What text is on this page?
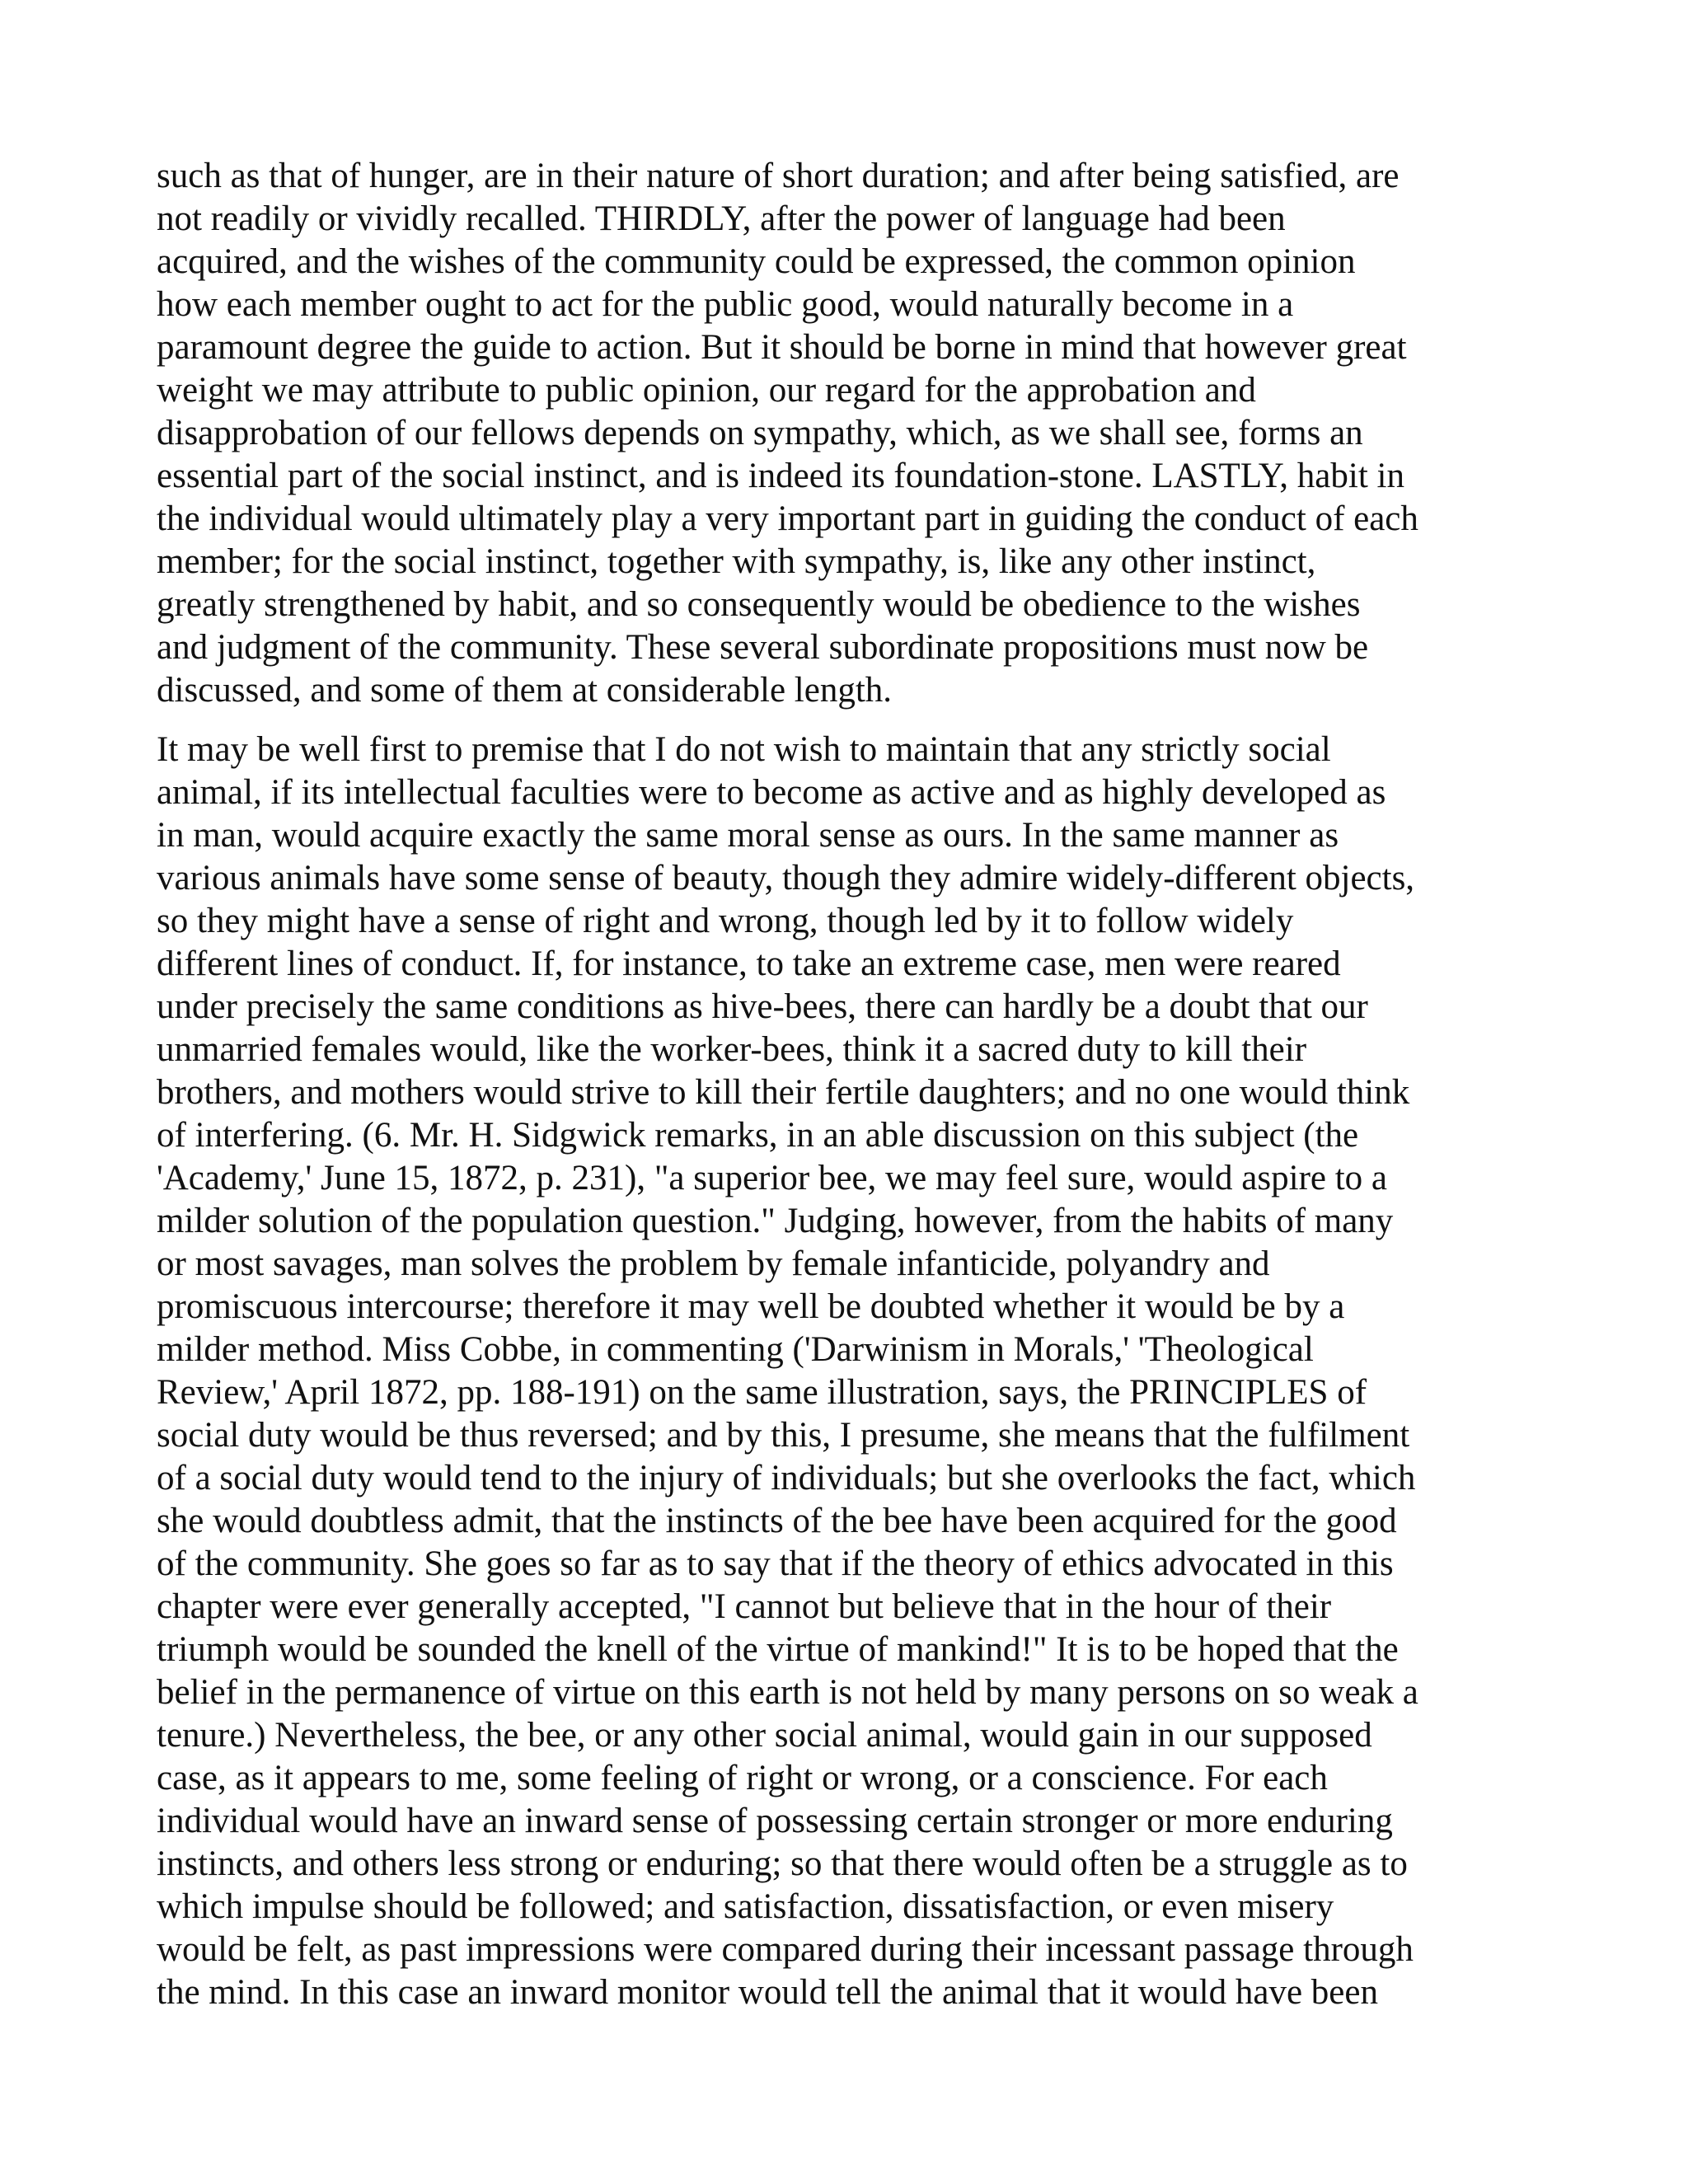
such as that of hunger, are in their nature of short duration; and after being satisfied, are
not readily or vividly recalled. THIRDLY, after the power of language had been
acquired, and the wishes of the community could be expressed, the common opinion
how each member ought to act for the public good, would naturally become in a
paramount degree the guide to action. But it should be borne in mind that however great
weight we may attribute to public opinion, our regard for the approbation and
disapprobation of our fellows depends on sympathy, which, as we shall see, forms an
essential part of the social instinct, and is indeed its foundation-stone. LASTLY, habit in
the individual would ultimately play a very important part in guiding the conduct of each
member; for the social instinct, together with sympathy, is, like any other instinct,
greatly strengthened by habit, and so consequently would be obedience to the wishes
and judgment of the community. These several subordinate propositions must now be
discussed, and some of them at considerable length.
It may be well first to premise that I do not wish to maintain that any strictly social
animal, if its intellectual faculties were to become as active and as highly developed as
in man, would acquire exactly the same moral sense as ours. In the same manner as
various animals have some sense of beauty, though they admire widely-different objects,
so they might have a sense of right and wrong, though led by it to follow widely
different lines of conduct. If, for instance, to take an extreme case, men were reared
under precisely the same conditions as hive-bees, there can hardly be a doubt that our
unmarried females would, like the worker-bees, think it a sacred duty to kill their
brothers, and mothers would strive to kill their fertile daughters; and no one would think
of interfering. (6. Mr. H. Sidgwick remarks, in an able discussion on this subject (the
'Academy,' June 15, 1872, p. 231), "a superior bee, we may feel sure, would aspire to a
milder solution of the population question." Judging, however, from the habits of many
or most savages, man solves the problem by female infanticide, polyandry and
promiscuous intercourse; therefore it may well be doubted whether it would be by a
milder method. Miss Cobbe, in commenting ('Darwinism in Morals,' 'Theological
Review,' April 1872, pp. 188-191) on the same illustration, says, the PRINCIPLES of
social duty would be thus reversed; and by this, I presume, she means that the fulfilment
of a social duty would tend to the injury of individuals; but she overlooks the fact, which
she would doubtless admit, that the instincts of the bee have been acquired for the good
of the community. She goes so far as to say that if the theory of ethics advocated in this
chapter were ever generally accepted, "I cannot but believe that in the hour of their
triumph would be sounded the knell of the virtue of mankind!" It is to be hoped that the
belief in the permanence of virtue on this earth is not held by many persons on so weak a
tenure.) Nevertheless, the bee, or any other social animal, would gain in our supposed
case, as it appears to me, some feeling of right or wrong, or a conscience. For each
individual would have an inward sense of possessing certain stronger or more enduring
instincts, and others less strong or enduring; so that there would often be a struggle as to
which impulse should be followed; and satisfaction, dissatisfaction, or even misery
would be felt, as past impressions were compared during their incessant passage through
the mind. In this case an inward monitor would tell the animal that it would have been
